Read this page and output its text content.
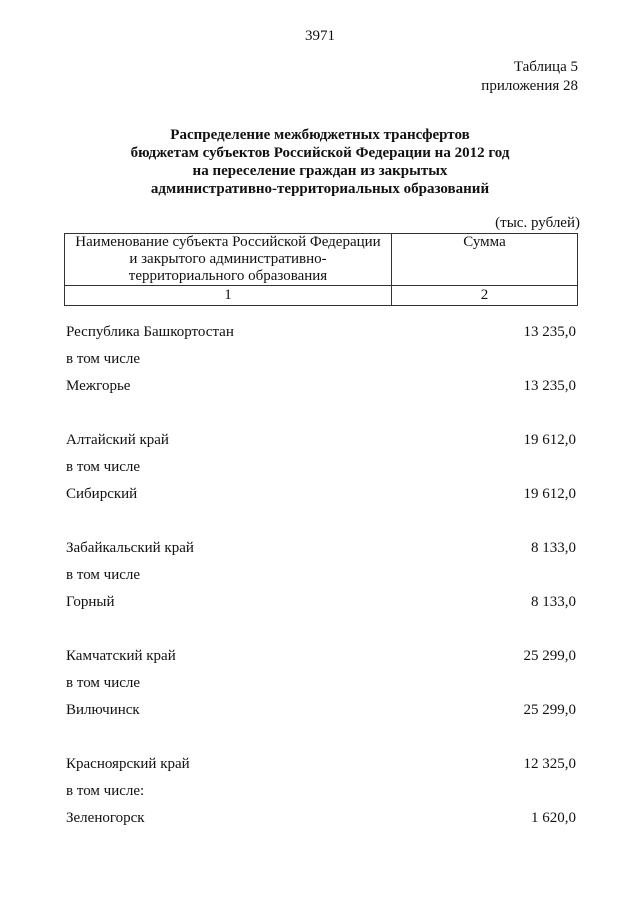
3971
Таблица 5
приложения 28
Распределение межбюджетных трансфертов
бюджетам субъектов Российской Федерации на 2012 год
на переселение граждан из закрытых
административно-территориальных образований
(тыс. рублей)
Наименование субъекта Российской Федерации
и закрытого административно-
территориального образования	Сумма
1	2
Республика Башкортостан	13 235,0
в том числе
Межгорье	13 235,0
Алтайский край	19 612,0
в том числе
Сибирский	19 612,0
Забайкальский край	8 133,0
в том числе
Горный	8 133,0
Камчатский край	25 299,0
в том числе
Вилючинск	25 299,0
Красноярский край	12 325,0
в том числе:
Зеленогорск	1 620,0
